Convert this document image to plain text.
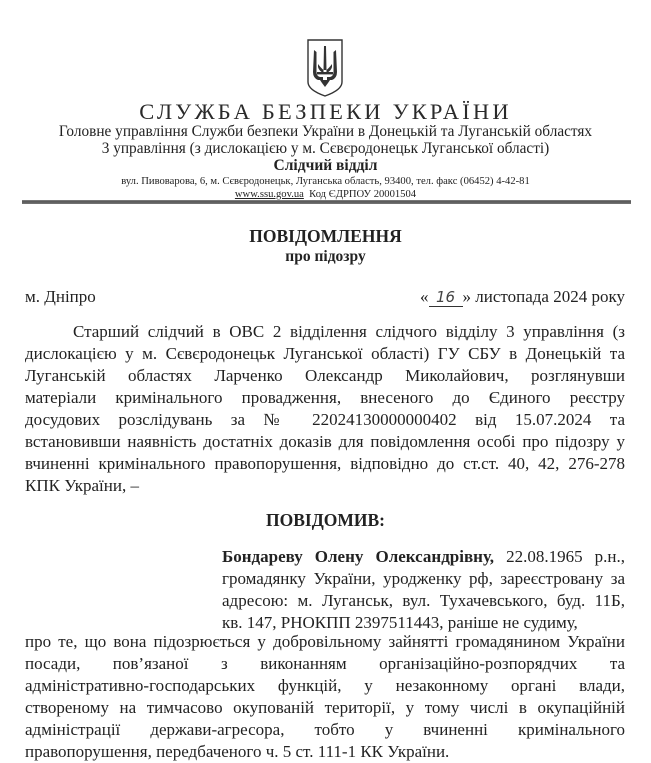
СЛУЖБА БЕЗПЕКИ УКРАЇНИ
Головне управління Служби безпеки України в Донецькій та Луганській областях
3 управління (з дислокацією у м. Сєвєродонецьк Луганської області)
Слідчий відділ
вул. Пивоварова, 6, м. Сєвєродонецьк, Луганська область, 93400, тел. факс (06452) 4-42-81
www.ssu.gov.ua Код ЄДРПОУ 20001504
ПОВІДОМЛЕННЯ
про підозру
м. Дніпро	« 16 » листопада 2024 року
Старший слідчий в ОВС 2 відділення слідчого відділу 3 управління (з
дислокацією у м. Сєвєродонецьк Луганської області) ГУ СБУ в Донецькій та
Луганській областях Ларченко Олександр Миколайович, розглянувши
матеріали кримінального провадження, внесеного до Єдиного реєстру
досудових розслідувань за № 22024130000000402 від 15.07.2024 та
встановивши наявність достатніх доказів для повідомлення особі про підозру у
вчиненні кримінального правопорушення, відповідно до ст.ст. 40, 42, 276-278
КПК України, –
ПОВІДОМИВ:
Бондареву Олену Олександрівну, 22.08.1965 р.н.,
громадянку України, уродженку рф, зареєстровану за
адресою: м. Луганськ, вул. Тухачевського, буд. 11Б,
кв. 147, РНОКПП 2397511443, раніше не судиму,
про те, що вона підозрюється у добровільному зайнятті громадянином України
посади, пов’язаної з виконанням організаційно-розпорядчих та
адміністративно-господарських функцій, у незаконному органі влади,
створеному на тимчасово окупованій території, у тому числі в окупаційній
адміністрації держави-агресора, тобто у вчиненні кримінального
правопорушення, передбаченого ч. 5 ст. 111-1 КК України.
